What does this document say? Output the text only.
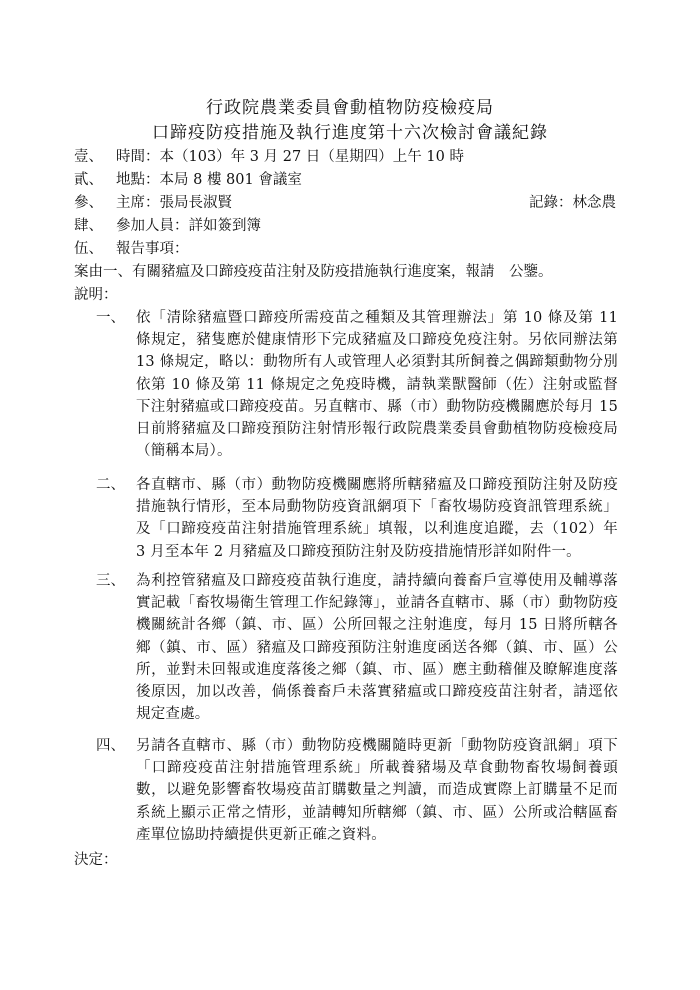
行政院農業委員會動植物防疫檢疫局
口蹄疫防疫措施及執行進度第十六次檢討會議紀錄
壹、 時間：本（103）年 3 月 27 日（星期四）上午 10 時
貳、 地點：本局 8 樓 801 會議室
參、 主席：張局長淑賢	記錄：林念農
肆、 參加人員：詳如簽到簿
伍、 報告事項：
案由一、有關豬瘟及口蹄疫疫苗注射及防疫措施執行進度案，報請　公鑒。
說明：
一、 依「清除豬瘟暨口蹄疫所需疫苗之種類及其管理辦法」第 10 條及第 11 條規定，豬隻應於健康情形下完成豬瘟及口蹄疫免疫注射。另依同辦法第 13 條規定，略以：動物所有人或管理人必須對其所飼養之偶蹄類動物分別依第 10 條及第 11 條規定之免疫時機，請執業獸醫師（佐）注射或監督下注射豬瘟或口蹄疫疫苗。另直轄市、縣（市）動物防疫機關應於每月 15 日前將豬瘟及口蹄疫預防注射情形報行政院農業委員會動植物防疫檢疫局（簡稱本局）。
二、 各直轄市、縣（市）動物防疫機關應將所轄豬瘟及口蹄疫預防注射及防疫措施執行情形，至本局動物防疫資訊網項下「畜牧場防疫資訊管理系統」及「口蹄疫疫苗注射措施管理系統」填報，以利進度追蹤，去（102）年 3 月至本年 2 月豬瘟及口蹄疫預防注射及防疫措施情形詳如附件一。
三、 為利控管豬瘟及口蹄疫疫苗執行進度，請持續向養畜戶宣導使用及輔導落實記載「畜牧場衛生管理工作紀錄簿」，並請各直轄市、縣（市）動物防疫機關統計各鄉（鎮、市、區）公所回報之注射進度，每月 15 日將所轄各鄉（鎮、市、區）豬瘟及口蹄疫預防注射進度函送各鄉（鎮、市、區）公所，並對未回報或進度落後之鄉（鎮、市、區）應主動稽催及瞭解進度落後原因，加以改善，倘係養畜戶未落實豬瘟或口蹄疫疫苗注射者，請逕依規定查處。
四、 另請各直轄市、縣（市）動物防疫機關隨時更新「動物防疫資訊網」項下「口蹄疫疫苗注射措施管理系統」所載養豬場及草食動物畜牧場飼養頭數，以避免影響畜牧場疫苗訂購數量之判讀，而造成實際上訂購量不足而系統上顯示正常之情形，並請轉知所轄鄉（鎮、市、區）公所或洽轄區畜產單位協助持續提供更新正確之資料。
決定：
